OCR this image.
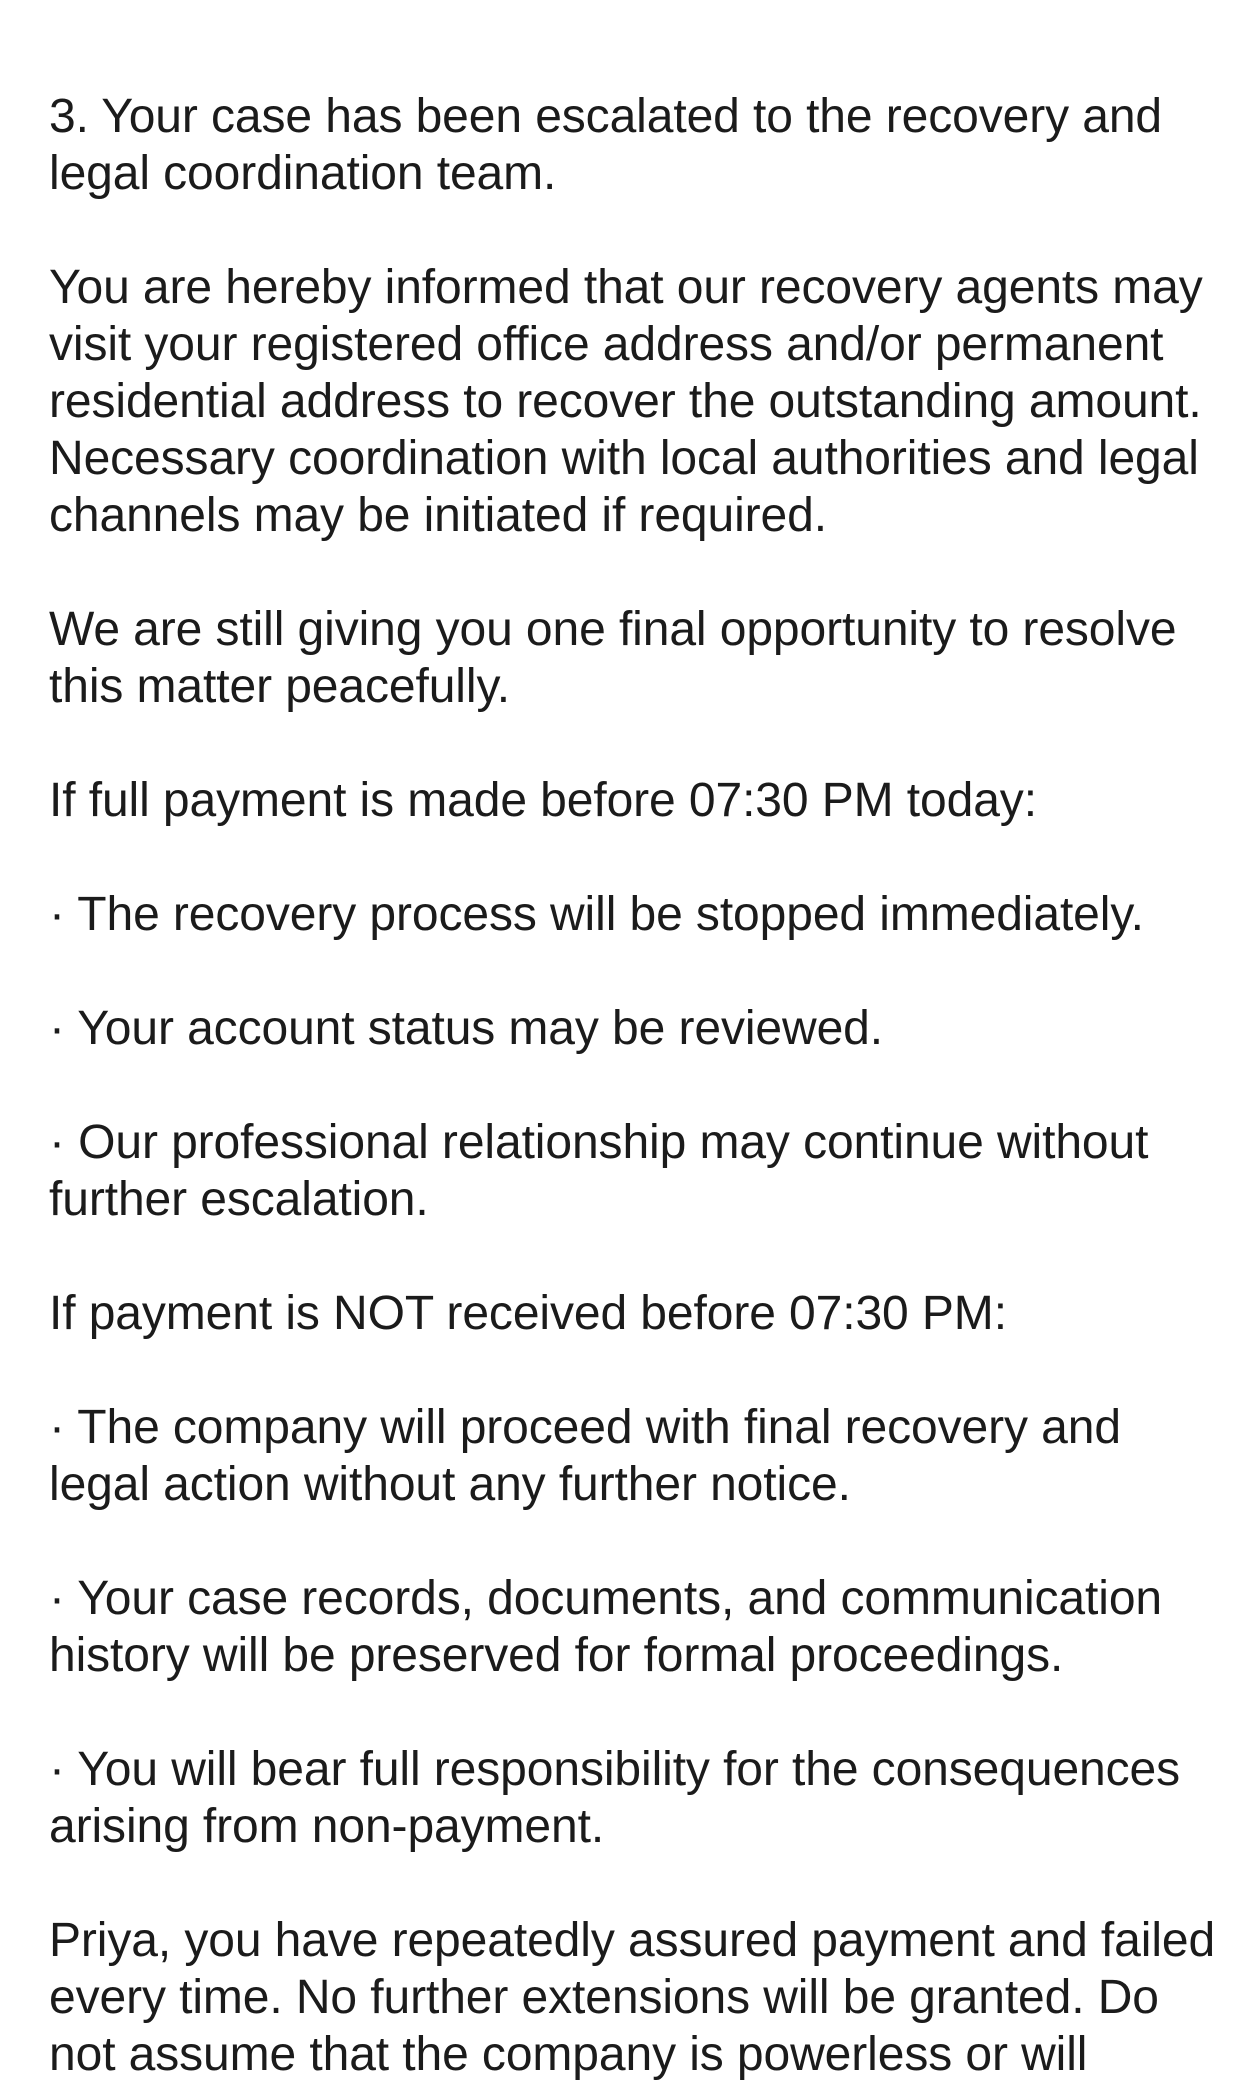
3. Your case has been escalated to the recovery and legal coordination team.

You are hereby informed that our recovery agents may visit your registered office address and/or permanent residential address to recover the outstanding amount. Necessary coordination with local authorities and legal channels may be initiated if required.

We are still giving you one final opportunity to resolve this matter peacefully.

If full payment is made before 07:30 PM today:

· The recovery process will be stopped immediately.

· Your account status may be reviewed.

· Our professional relationship may continue without further escalation.

If payment is NOT received before 07:30 PM:

· The company will proceed with final recovery and legal action without any further notice.

· Your case records, documents, and communication history will be preserved for formal proceedings.

· You will bear full responsibility for the consequences arising from non-payment.

Priya, you have repeatedly assured payment and failed every time. No further extensions will be granted. Do not assume that the company is powerless or will
